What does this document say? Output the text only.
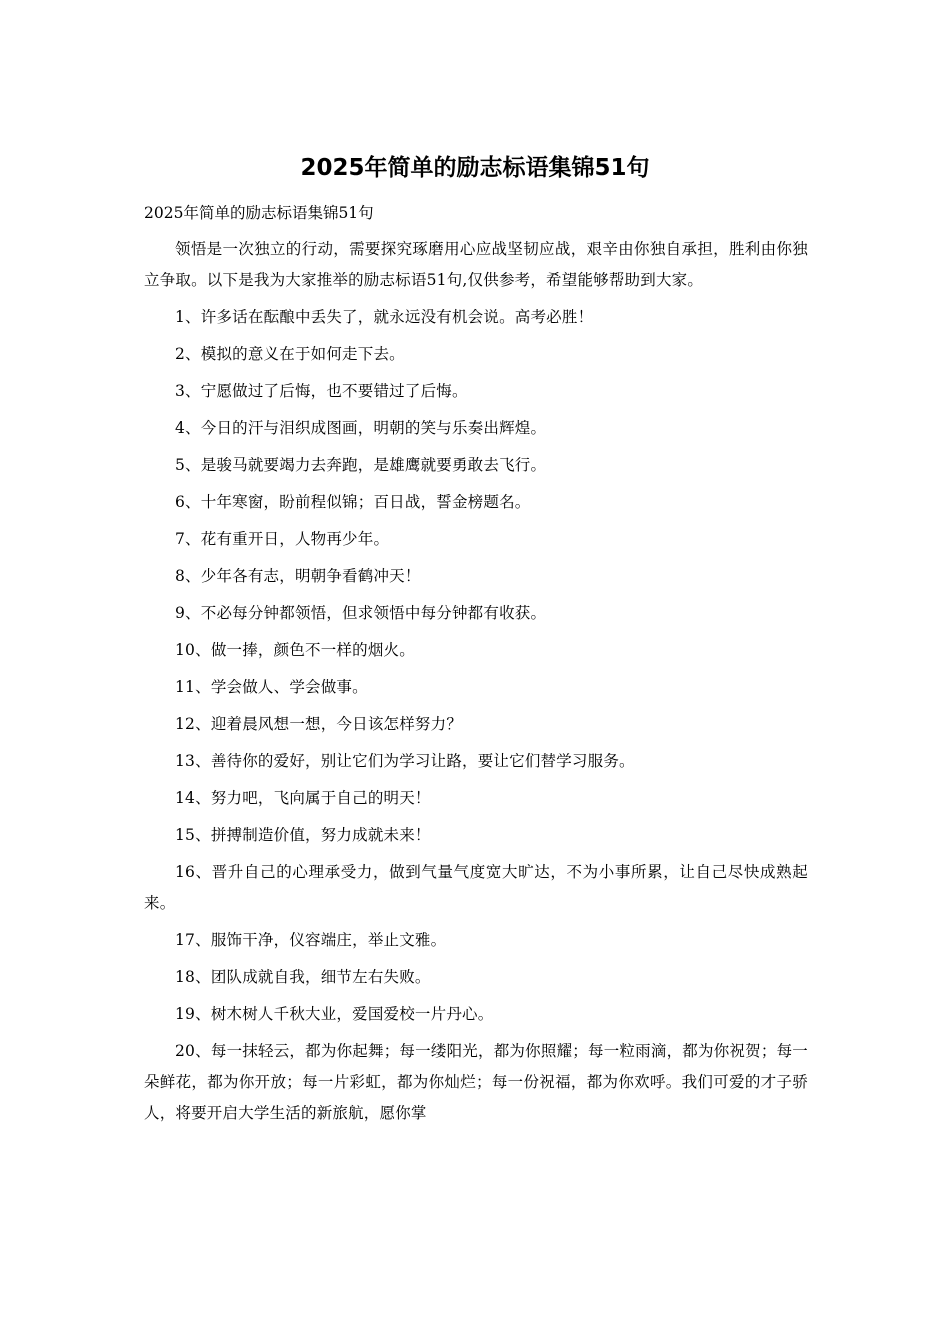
2025年简单的励志标语集锦51句

2025年简单的励志标语集锦51句

领悟是一次独立的行动，需要探究琢磨用心应战坚韧应战，艰辛由你独自承担，胜利由你独立争取。以下是我为大家推举的励志标语51句,仅供参考，希望能够帮助到大家。

1、许多话在酝酿中丢失了，就永远没有机会说。高考必胜！

2、模拟的意义在于如何走下去。

3、宁愿做过了后悔，也不要错过了后悔。

4、今日的汗与泪织成图画，明朝的笑与乐奏出辉煌。

5、是骏马就要竭力去奔跑，是雄鹰就要勇敢去飞行。

6、十年寒窗，盼前程似锦；百日战，誓金榜题名。

7、花有重开日，人物再少年。

8、少年各有志，明朝争看鹤冲天！

9、不必每分钟都领悟，但求领悟中每分钟都有收获。

10、做一捧，颜色不一样的烟火。

11、学会做人、学会做事。

12、迎着晨风想一想，今日该怎样努力？

13、善待你的爱好，别让它们为学习让路，要让它们替学习服务。

14、努力吧，飞向属于自己的明天！

15、拼搏制造价值，努力成就未来！

16、晋升自己的心理承受力，做到气量气度宽大旷达，不为小事所累，让自己尽快成熟起来。

17、服饰干净，仪容端庄，举止文雅。

18、团队成就自我，细节左右失败。

19、树木树人千秋大业，爱国爱校一片丹心。

20、每一抹轻云，都为你起舞；每一缕阳光，都为你照耀；每一粒雨滴，都为你祝贺；每一朵鲜花，都为你开放；每一片彩虹，都为你灿烂；每一份祝福，都为你欢呼。我们可爱的才子骄人，将要开启大学生活的新旅航，愿你掌
